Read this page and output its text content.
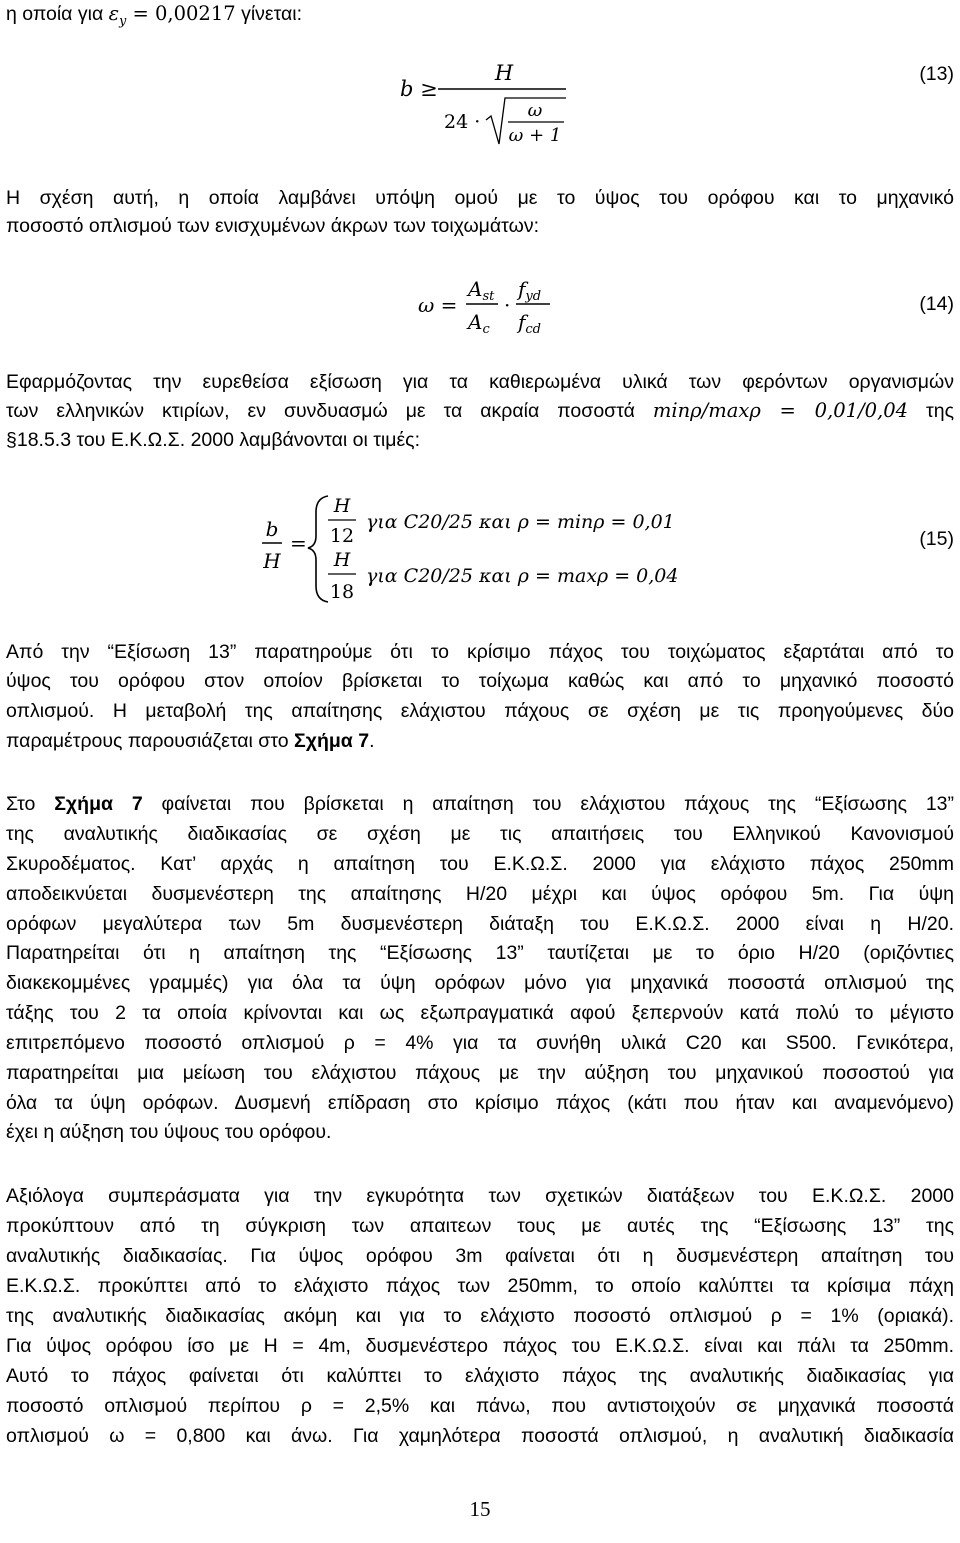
η οποία για $\varepsilon_y = 0,00217$ γίνεται:
b ≥
H
24 ·
ω
ω + 1
(13)
Η σχέση αυτή, η οποία λαμβάνει υπόψη ομού με το ύψος του ορόφου και το μηχανικό
ποσοστό οπλισμού των ενισχυμένων άκρων των τοιχωμάτων:
ω =
$A_{st}$
$A_c$
·
$f_{yd}$
$f_{cd}$
(14)
Εφαρμόζοντας την ευρεθείσα εξίσωση για τα καθιερωμένα υλικά των φερόντων οργανισμών
των ελληνικών κτιρίων, εν συνδυασμώ με τα ακραία ποσοστά minρ/maxρ = 0,01/0,04 της
§18.5.3 του Ε.Κ.Ω.Σ. 2000 λαμβάνονται οι τιμές:
b
H
=
H
12
για C20/25 και ρ = minρ = 0,01
H
18
για C20/25 και ρ = maxρ = 0,04
(15)
Από την “Εξίσωση 13” παρατηρούμε ότι το κρίσιμο πάχος του τοιχώματος εξαρτάται από το
ύψος του ορόφου στον οποίον βρίσκεται το τοίχωμα καθώς και από το μηχανικό ποσοστό
οπλισμού. Η μεταβολή της απαίτησης ελάχιστου πάχους σε σχέση με τις προηγούμενες δύο
παραμέτρους παρουσιάζεται στο Σχήμα 7.
Στο Σχήμα 7 φαίνεται που βρίσκεται η απαίτηση του ελάχιστου πάχους της “Εξίσωσης 13”
της αναλυτικής διαδικασίας σε σχέση με τις απαιτήσεις του Ελληνικού Κανονισμού
Σκυροδέματος. Κατ’ αρχάς η απαίτηση του Ε.Κ.Ω.Σ. 2000 για ελάχιστο πάχος 250mm
αποδεικνύεται δυσμενέστερη της απαίτησης Η/20 μέχρι και ύψος ορόφου 5m. Για ύψη
ορόφων μεγαλύτερα των 5m δυσμενέστερη διάταξη του Ε.Κ.Ω.Σ. 2000 είναι η Η/20.
Παρατηρείται ότι η απαίτηση της “Εξίσωσης 13” ταυτίζεται με το όριο Η/20 (οριζόντιες
διακεκομμένες γραμμές) για όλα τα ύψη ορόφων μόνο για μηχανικά ποσοστά οπλισμού της
τάξης του 2 τα οποία κρίνονται και ως εξωπραγματικά αφού ξεπερνούν κατά πολύ το μέγιστο
επιτρεπόμενο ποσοστό οπλισμού ρ = 4% για τα συνήθη υλικά C20 και S500. Γενικότερα,
παρατηρείται μια μείωση του ελάχιστου πάχους με την αύξηση του μηχανικού ποσοστού για
όλα τα ύψη ορόφων. Δυσμενή επίδραση στο κρίσιμο πάχος (κάτι που ήταν και αναμενόμενο)
έχει η αύξηση του ύψους του ορόφου.
Αξιόλογα συμπεράσματα για την εγκυρότητα των σχετικών διατάξεων του Ε.Κ.Ω.Σ. 2000
προκύπτουν από τη σύγκριση των απαιτεων τους με αυτές της “Εξίσωσης 13” της
αναλυτικής διαδικασίας. Για ύψος ορόφου 3m φαίνεται ότι η δυσμενέστερη απαίτηση του
Ε.Κ.Ω.Σ. προκύπτει από το ελάχιστο πάχος των 250mm, το οποίο καλύπτει τα κρίσιμα πάχη
της αναλυτικής διαδικασίας ακόμη και για το ελάχιστο ποσοστό οπλισμού ρ = 1% (οριακά).
Για ύψος ορόφου ίσο με Η = 4m, δυσμενέστερο πάχος του Ε.Κ.Ω.Σ. είναι και πάλι τα 250mm.
Αυτό το πάχος φαίνεται ότι καλύπτει το ελάχιστο πάχος της αναλυτικής διαδικασίας για
ποσοστό οπλισμού περίπου ρ = 2,5% και πάνω, που αντιστοιχούν σε μηχανικά ποσοστά
οπλισμού ω = 0,800 και άνω. Για χαμηλότερα ποσοστά οπλισμού, η αναλυτική διαδικασία
15
